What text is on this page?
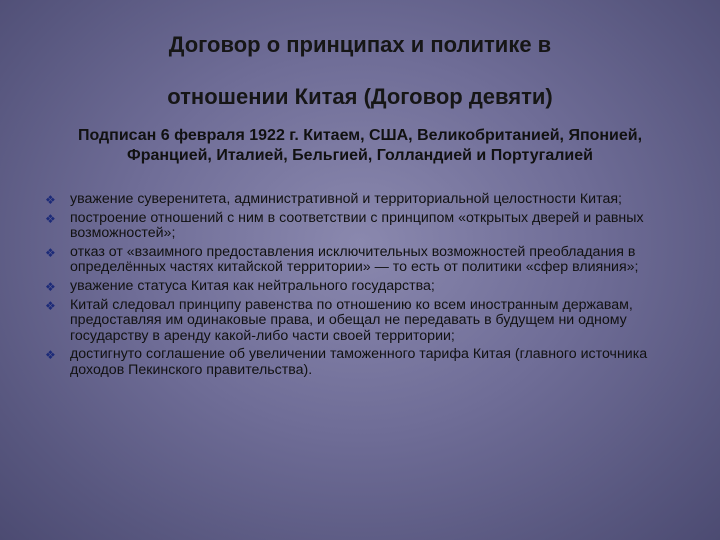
Договор о принципах и политике в
отношении Китая (Договор девяти)
Подписан 6 февраля 1922 г. Китаем, США, Великобританией, Японией, Францией, Италией, Бельгией, Голландией и Португалией
❖ уважение суверенитета, административной и территориальной целостности Китая;
❖ построение отношений с ним в соответствии с принципом «открытых дверей и равных возможностей»;
❖ отказ от «взаимного предоставления исключительных возможностей преобладания в определённых частях китайской территории» — то есть от политики «сфер влияния»;
❖ уважение статуса Китая как нейтрального государства;
❖ Китай следовал принципу равенства по отношению ко всем иностранным державам, предоставляя им одинаковые права, и обещал не передавать в будущем ни одному государству в аренду какой-либо части своей территории;
❖ достигнуто соглашение об увеличении таможенного тарифа Китая (главного источника доходов Пекинского правительства).
